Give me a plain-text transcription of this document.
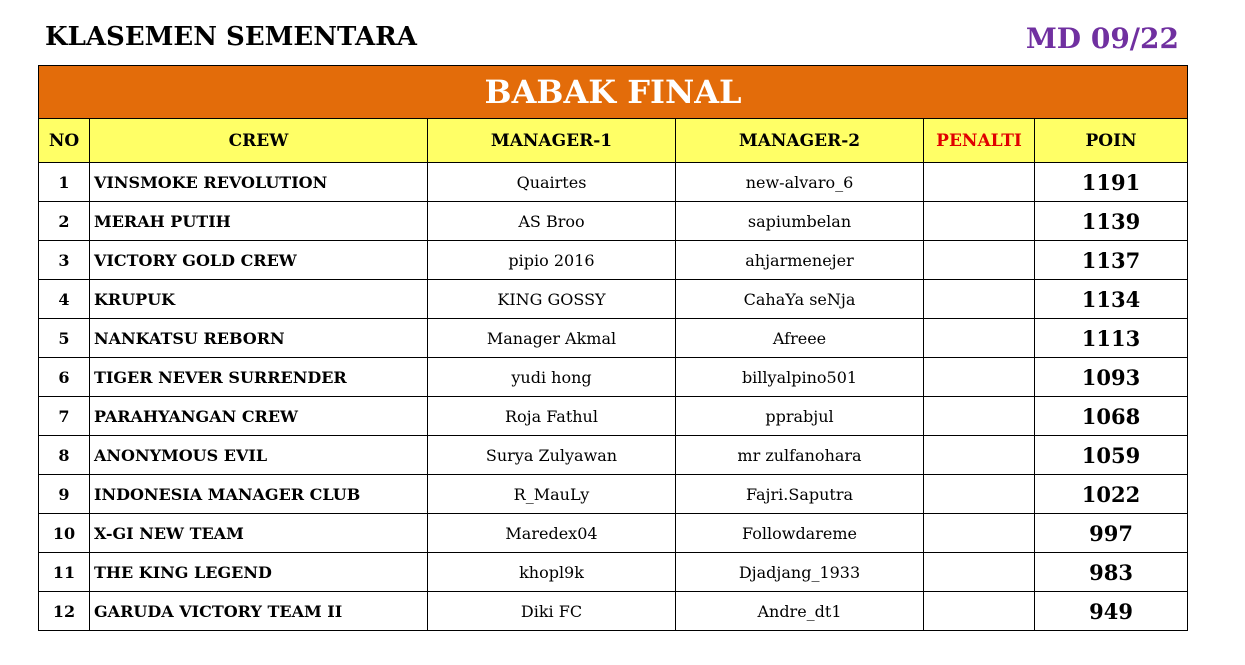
KLASEMEN SEMENTARA	MD 09/22
BABAK FINAL					
NO	CREW	MANAGER-1	MANAGER-2	PENALTI	POIN
1	VINSMOKE REVOLUTION	Quairtes	new-alvaro_6		1191
2	MERAH PUTIH	AS Broo	sapiumbelan		1139
3	VICTORY GOLD CREW	pipio 2016	ahjarmenejer		1137
4	KRUPUK	KING GOSSY	CahaYa seNja		1134
5	NANKATSU REBORN	Manager Akmal	Afreee		1113
6	TIGER NEVER SURRENDER	yudi hong	billyalpino501		1093
7	PARAHYANGAN CREW	Roja Fathul	pprabjul		1068
8	ANONYMOUS EVIL	Surya Zulyawan	mr zulfanohara		1059
9	INDONESIA MANAGER CLUB	R_MauLy	Fajri.Saputra		1022
10	X-GI NEW TEAM	Maredex04	Followdareme		997
11	THE KING LEGEND	khopl9k	Djadjang_1933		983
12	GARUDA VICTORY TEAM II	Diki FC	Andre_dt1		949
